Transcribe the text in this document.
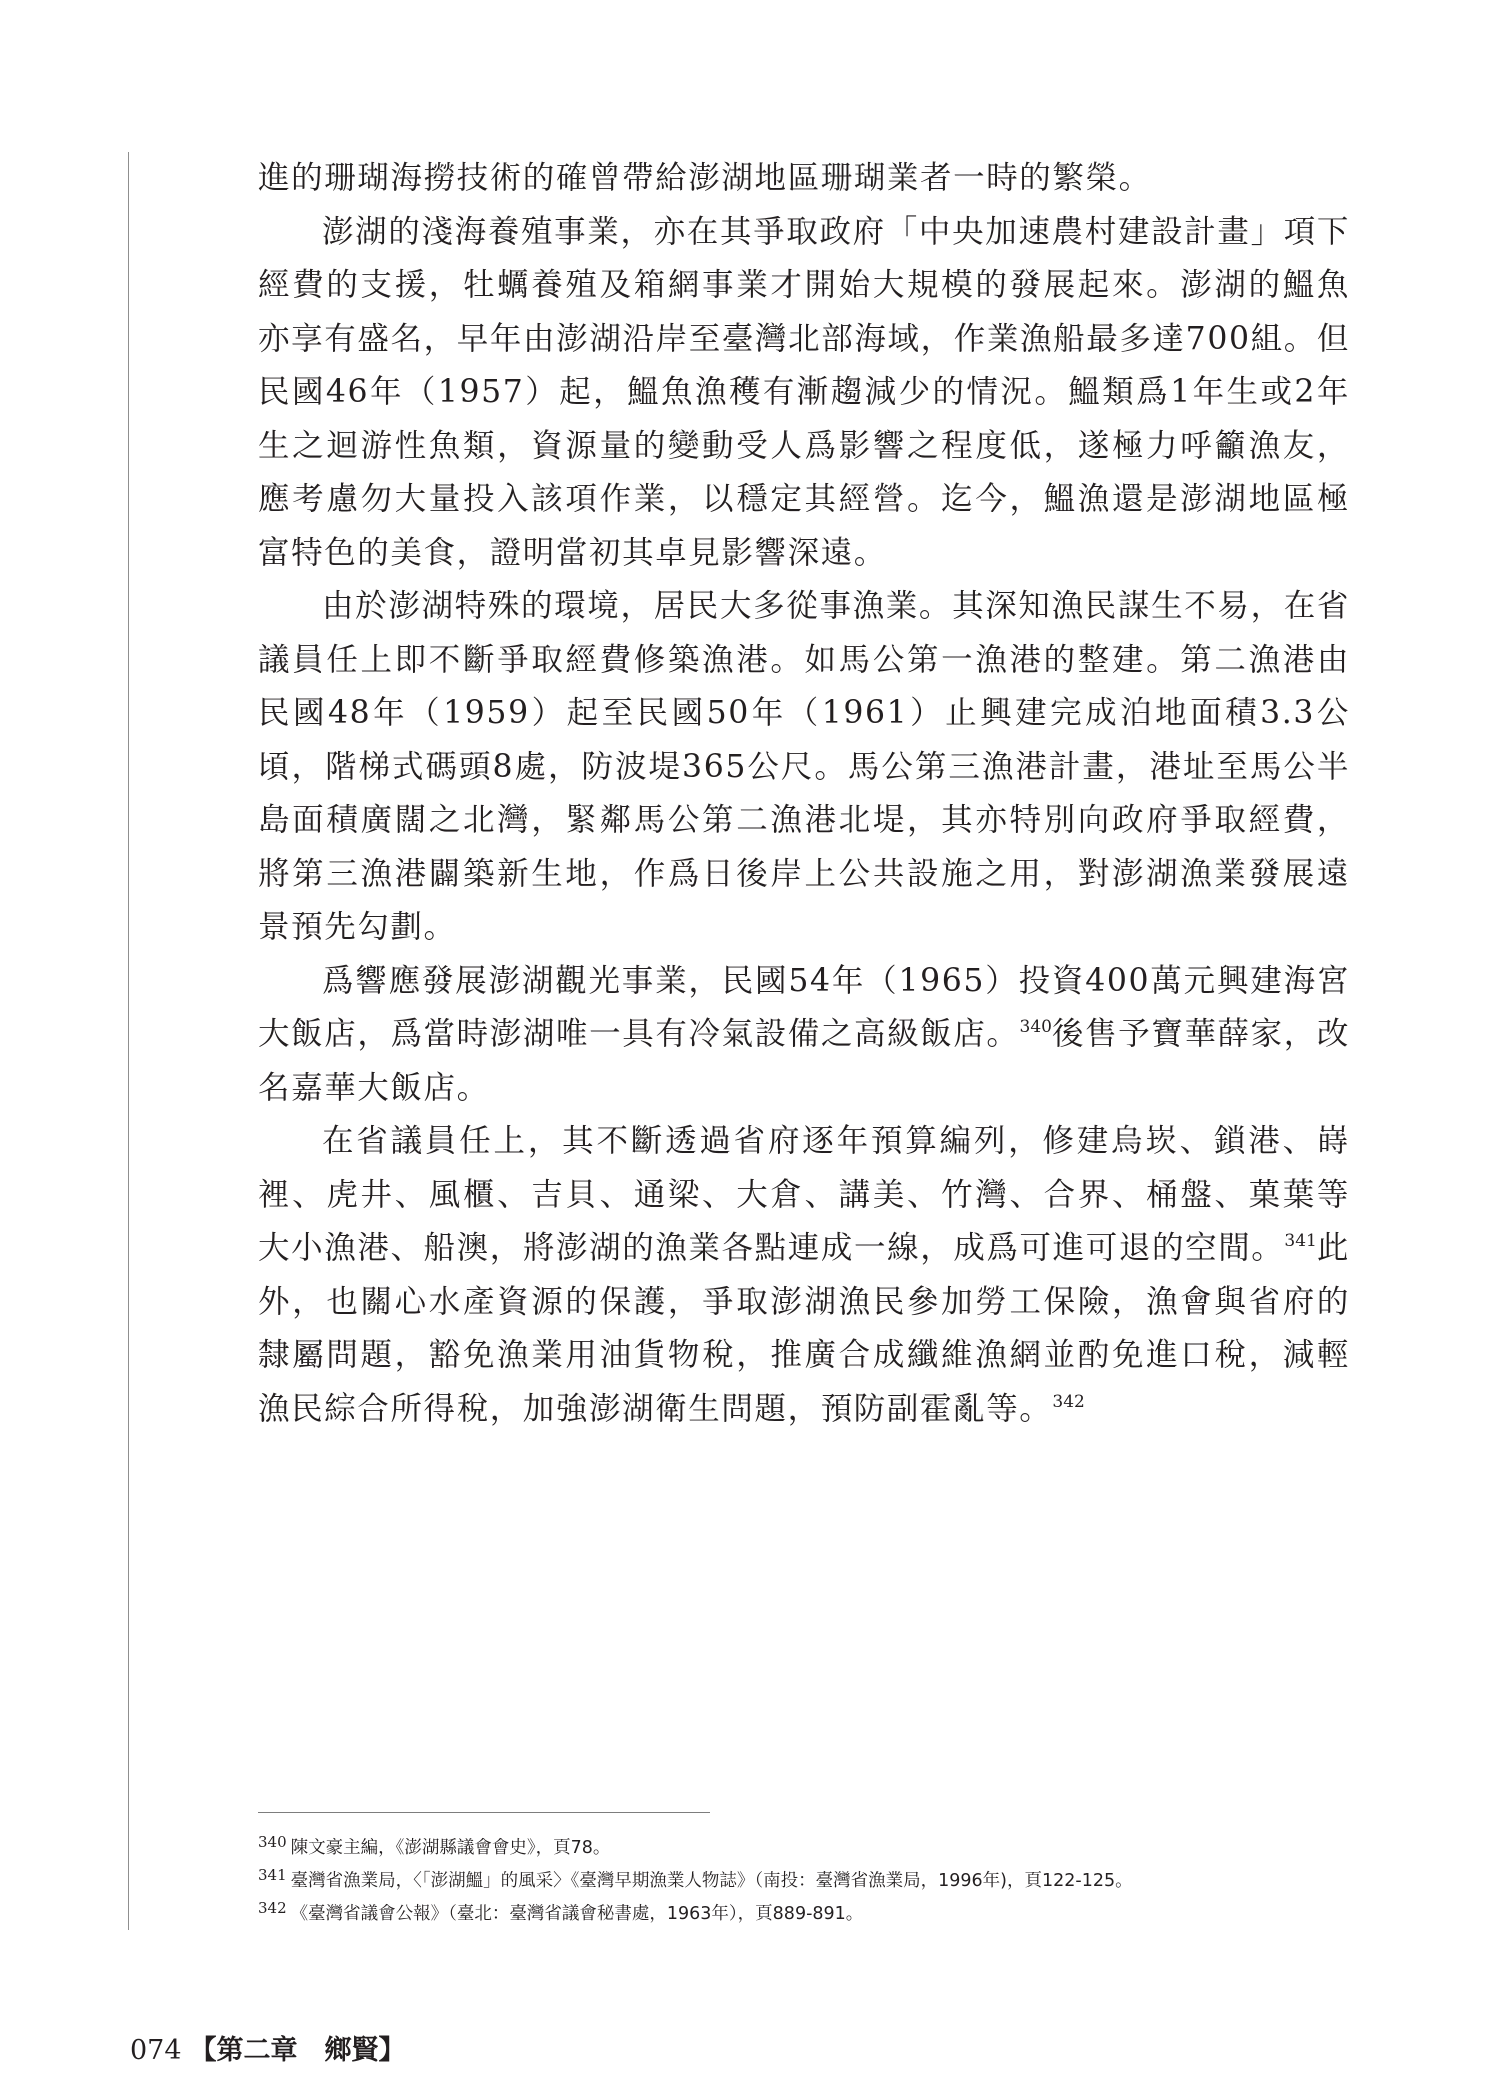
進的珊瑚海撈技術的確曾帶給澎湖地區珊瑚業者一時的繁榮。

澎湖的淺海養殖事業，亦在其爭取政府「中央加速農村建設計畫」項下經費的支援，牡蠣養殖及箱網事業才開始大規模的發展起來。澎湖的鰮魚亦享有盛名，早年由澎湖沿岸至臺灣北部海域，作業漁船最多達700組。但民國46年（1957）起，鰮魚漁穫有漸趨減少的情況。鰮類爲1年生或2年生之迴游性魚類，資源量的變動受人爲影響之程度低，遂極力呼籲漁友，應考慮勿大量投入該項作業，以穩定其經營。迄今，鰮漁還是澎湖地區極富特色的美食，證明當初其卓見影響深遠。

由於澎湖特殊的環境，居民大多從事漁業。其深知漁民謀生不易，在省議員任上即不斷爭取經費修築漁港。如馬公第一漁港的整建。第二漁港由民國48年（1959）起至民國50年（1961）止興建完成泊地面積3.3公頃，階梯式碼頭8處，防波堤365公尺。馬公第三漁港計畫，港址至馬公半島面積廣闊之北灣，緊鄰馬公第二漁港北堤，其亦特別向政府爭取經費，將第三漁港闢築新生地，作爲日後岸上公共設施之用，對澎湖漁業發展遠景預先勾劃。

爲響應發展澎湖觀光事業，民國54年（1965）投資400萬元興建海宮大飯店，爲當時澎湖唯一具有冷氣設備之高級飯店。$^{340}$後售予寶華薛家，改名嘉華大飯店。

在省議員任上，其不斷透過省府逐年預算編列，修建烏崁、鎖港、嵵裡、虎井、風櫃、吉貝、通梁、大倉、講美、竹灣、合界、桶盤、菓葉等大小漁港、船澳，將澎湖的漁業各點連成一線，成爲可進可退的空間。$^{341}$此外，也關心水產資源的保護，爭取澎湖漁民參加勞工保險，漁會與省府的隸屬問題，豁免漁業用油貨物稅，推廣合成纖維漁網並酌免進口稅，減輕漁民綜合所得稅，加強澎湖衛生問題，預防副霍亂等。$^{342}$

340 陳文豪主編，《澎湖縣議會會史》，頁78。
341 臺灣省漁業局，〈「澎湖鰮」的風采〉《臺灣早期漁業人物誌》（南投：臺灣省漁業局，1996年)，頁122-125。
342 《臺灣省議會公報》（臺北：臺灣省議會秘書處，1963年），頁889-891。
074 【第二章　鄉賢】
